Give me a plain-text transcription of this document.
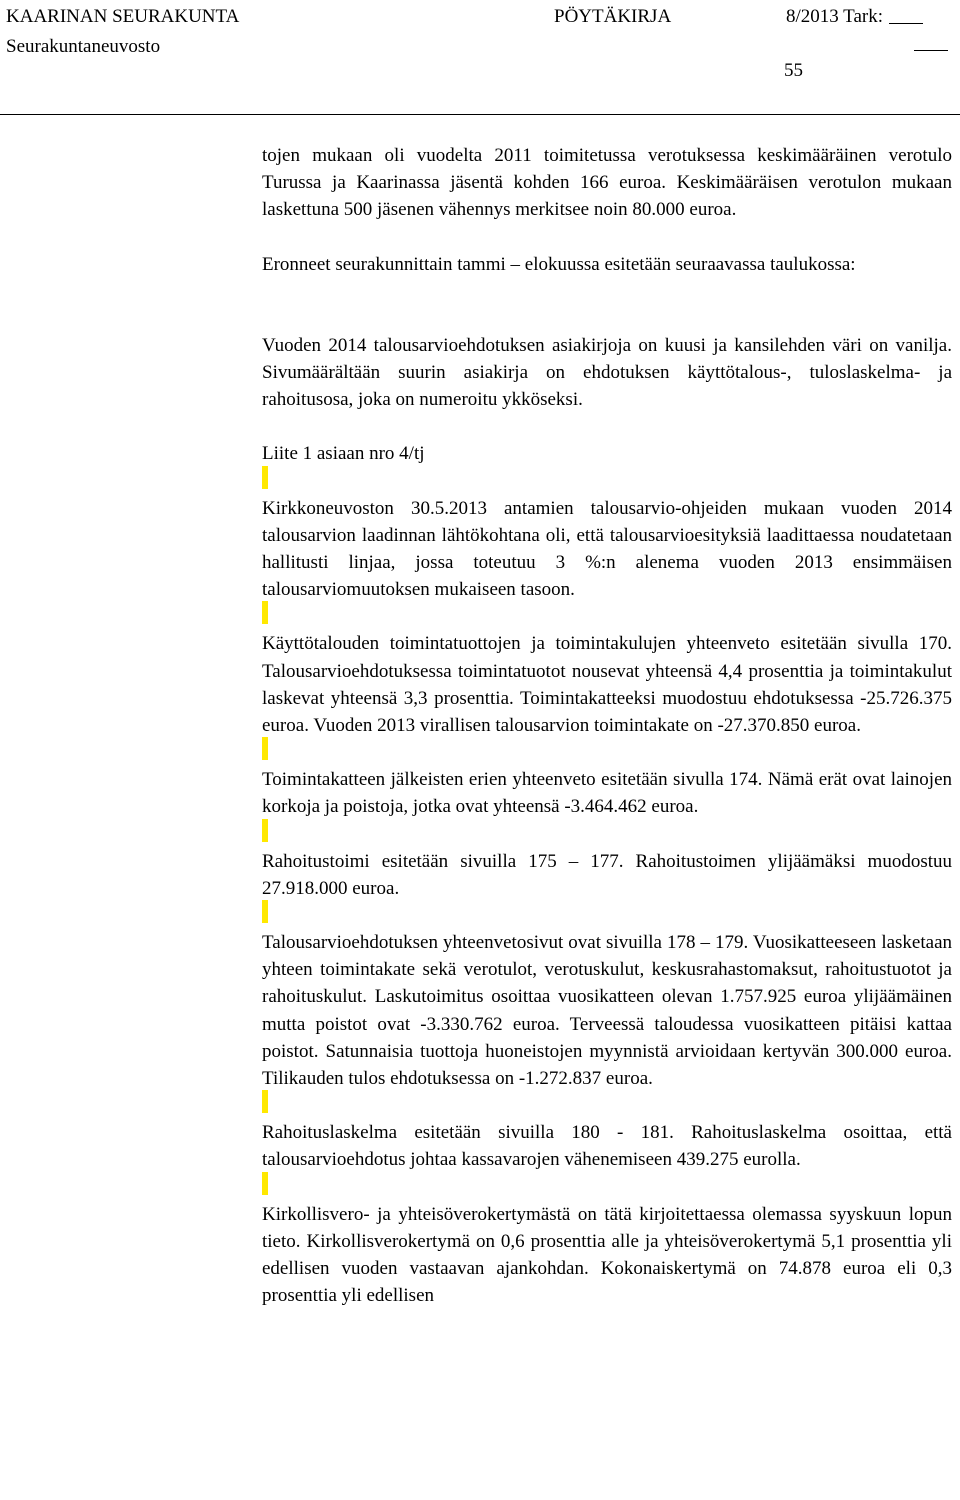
KAARINAN SEURAKUNTA
Seurakuntaneuvosto
PÖYTÄKIRJA	8/2013 Tark:
55

tojen mukaan oli vuodelta 2011 toimitetussa verotuksessa keskimääräinen verotulo Turussa ja Kaarinassa jäsentä kohden 166 euroa. Keskimääräisen verotulon mukaan laskettuna 500 jäsenen vähennys merkitsee noin 80.000 euroa.

Eronneet seurakunnittain tammi – elokuussa esitetään seuraavassa taulukossa:

Vuoden 2014 talousarvioehdotuksen asiakirjoja on kuusi ja kansilehden väri on vanilja. Sivumäärältään suurin asiakirja on ehdotuksen käyttötalous-, tuloslaskelma- ja rahoitusosa, joka on numeroitu ykköseksi.

Liite 1 asiaan nro 4/tj

Kirkkoneuvoston 30.5.2013 antamien talousarvio-ohjeiden mukaan vuoden 2014 talousarvion laadinnan lähtökohtana oli, että talousarvioesityksiä laadittaessa noudatetaan hallitusti linjaa, jossa toteutuu 3 %:n alenema vuoden 2013 ensimmäisen talousarviomuutoksen mukaiseen tasoon.

Käyttötalouden toimintatuottojen ja toimintakulujen yhteenveto esitetään sivulla 170. Talousarvioehdotuksessa toimintatuotot nousevat yhteensä 4,4 prosenttia ja toimintakulut laskevat yhteensä 3,3 prosenttia. Toimintakatteeksi muodostuu ehdotuksessa -25.726.375 euroa. Vuoden 2013 virallisen talousarvion toimintakate on -27.370.850 euroa.

Toimintakatteen jälkeisten erien yhteenveto esitetään sivulla 174. Nämä erät ovat lainojen korkoja ja poistoja, jotka ovat yhteensä -3.464.462 euroa.

Rahoitustoimi esitetään sivuilla 175 – 177. Rahoitustoimen ylijäämäksi muodostuu 27.918.000 euroa.

Talousarvioehdotuksen yhteenvetosivut ovat sivuilla 178 – 179. Vuosikatteeseen lasketaan yhteen toimintakate sekä verotulot, verotuskulut, keskusrahastomaksut, rahoitustuotot ja rahoituskulut. Laskutoimitus osoittaa vuosikatteen olevan 1.757.925 euroa ylijäämäinen mutta poistot ovat -3.330.762 euroa. Terveessä taloudessa vuosikatteen pitäisi kattaa poistot. Satunnaisia tuottoja huoneistojen myynnistä arvioidaan kertyvän 300.000 euroa. Tilikauden tulos ehdotuksessa on -1.272.837 euroa.

Rahoituslaskelma esitetään sivuilla 180 - 181. Rahoituslaskelma osoittaa, että talousarvioehdotus johtaa kassavarojen vähenemiseen 439.275 eurolla.

Kirkollisvero- ja yhteisöverokertymästä on tätä kirjoitettaessa olemassa syyskuun lopun tieto. Kirkollisverokertymä on 0,6 prosenttia alle ja yhteisöverokertymä 5,1 prosenttia yli edellisen vuoden vastaavan ajankohdan. Kokonaiskertymä on 74.878 euroa eli 0,3 prosenttia yli edellisen
